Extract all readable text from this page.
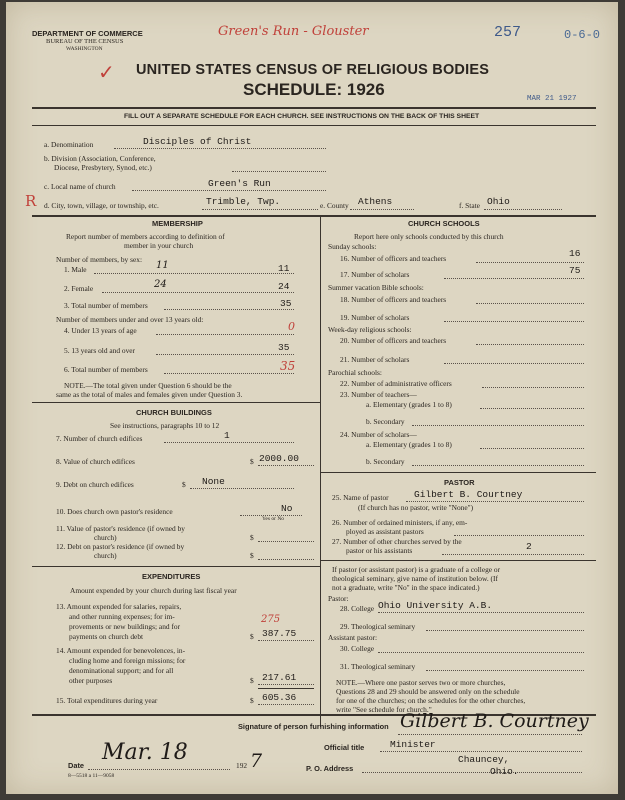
DEPARTMENT OF COMMERCE
BUREAU OF THE CENSUS
WASHINGTON
Green's Run - Glouster	257	0-6-0
✓ UNITED STATES CENSUS OF RELIGIOUS BODIES
SCHEDULE: 1926	MAR 21 1927
FILL OUT A SEPARATE SCHEDULE FOR EACH CHURCH. SEE INSTRUCTIONS ON THE BACK OF THIS SHEET
a. Denomination	Disciples of Christ
b. Division (Association, Conference,
Diocese, Presbytery, Synod, etc.)
c. Local name of church	Green's Run
R d. City, town, village, or township, etc.	Trimble, Twp.	e. County Athens	f. State Ohio
MEMBERSHIP
Report number of members according to definition of
member in your church
Number of members, by sex:
1. Male	11	11
2. Female	24	24
3. Total number of members	35
Number of members under and over 13 years old:
4. Under 13 years of age	0
5. 13 years old and over	35
6. Total number of members	35
NOTE.—The total given under Question 6 should be the
same as the total of males and females given under Question 3.
CHURCH BUILDINGS
See instructions, paragraphs 10 to 12
7. Number of church edifices	1
8. Value of church edifices	$ 2000.00
9. Debt on church edifices	$ None
10. Does church own pastor's residence	No
Yes or No
11. Value of pastor's residence (if owned by
church)	$
12. Debt on pastor's residence (if owned by
church)	$
EXPENDITURES
Amount expended by your church during last fiscal year
13. Amount expended for salaries, repairs,
and other running expenses; for im-
provements or new buildings; and for
payments on church debt
275
$ 387.75
14. Amount expended for benevolences, in-
cluding home and foreign missions; for
denominational support; and for all
other purposes	$ 217.61
15. Total expenditures during year	$ 605.36
CHURCH SCHOOLS
Report here only schools conducted by this church
Sunday schools:
16. Number of officers and teachers	16
17. Number of scholars	75
Summer vacation Bible schools:
18. Number of officers and teachers
19. Number of scholars
Week-day religious schools:
20. Number of officers and teachers
21. Number of scholars
Parochial schools:
22. Number of administrative officers
23. Number of teachers—
a. Elementary (grades 1 to 8)
b. Secondary
24. Number of scholars—
a. Elementary (grades 1 to 8)
b. Secondary
PASTOR
25. Name of pastor	Gilbert B. Courtney
(If church has no pastor, write "None")
26. Number of ordained ministers, if any, em-
ployed as assistant pastors
27. Number of other churches served by the
pastor or his assistants	2
If pastor (or assistant pastor) is a graduate of a college or
theological seminary, give name of institution below. (If
not a graduate, write "No" in the space indicated.)
Pastor:
28. College Ohio University A.B.
29. Theological seminary
Assistant pastor:
30. College
31. Theological seminary
NOTE.—Where one pastor serves two or more churches,
Questions 28 and 29 should be answered only on the schedule
for one of the churches; on the schedules for the other churches,
write "See schedule for church."
Signature of person furnishing information Gilbert B. Courtney
Official title	Minister
P. O. Address
Chauncey,
Ohio.
Date
Mar. 18
192 7
8—5518 a 11—9058
